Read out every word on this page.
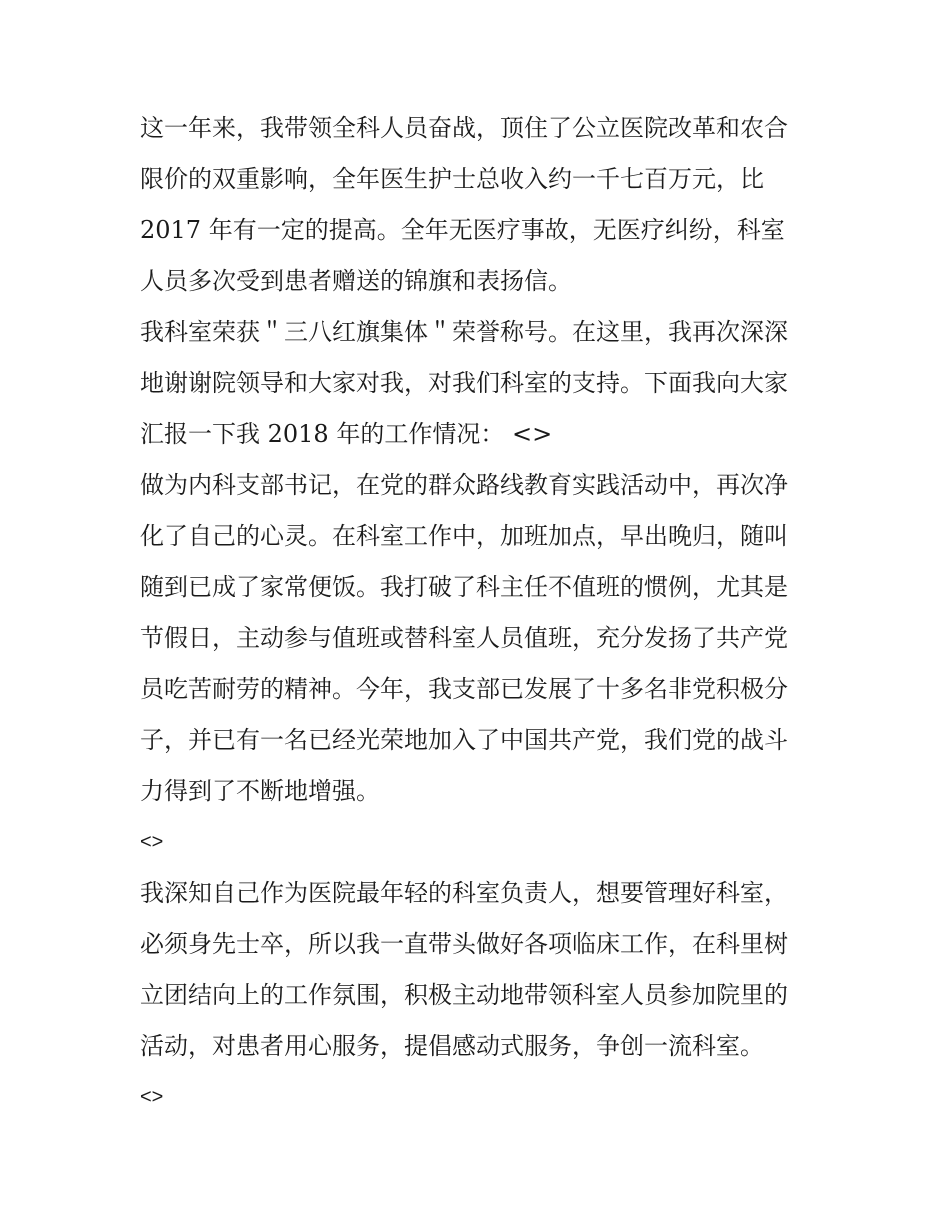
这一年来，我带领全科人员奋战，顶住了公立医院改革和农合
限价的双重影响，全年医生护士总收入约一千七百万元，比
2017 年有一定的提高。全年无医疗事故，无医疗纠纷，科室
人员多次受到患者赠送的锦旗和表扬信。
我科室荣获＂三八红旗集体＂荣誉称号。在这里，我再次深深
地谢谢院领导和大家对我，对我们科室的支持。下面我向大家
汇报一下我 2018 年的工作情况： <>
做为内科支部书记，在党的群众路线教育实践活动中，再次净
化了自己的心灵。在科室工作中，加班加点，早出晚归，随叫
随到已成了家常便饭。我打破了科主任不值班的惯例，尤其是
节假日，主动参与值班或替科室人员值班，充分发扬了共产党
员吃苦耐劳的精神。今年，我支部已发展了十多名非党积极分
子，并已有一名已经光荣地加入了中国共产党，我们党的战斗
力得到了不断地增强。
<>
我深知自己作为医院最年轻的科室负责人，想要管理好科室，
必须身先士卒，所以我一直带头做好各项临床工作，在科里树
立团结向上的工作氛围，积极主动地带领科室人员参加院里的
活动，对患者用心服务，提倡感动式服务，争创一流科室。
<>
